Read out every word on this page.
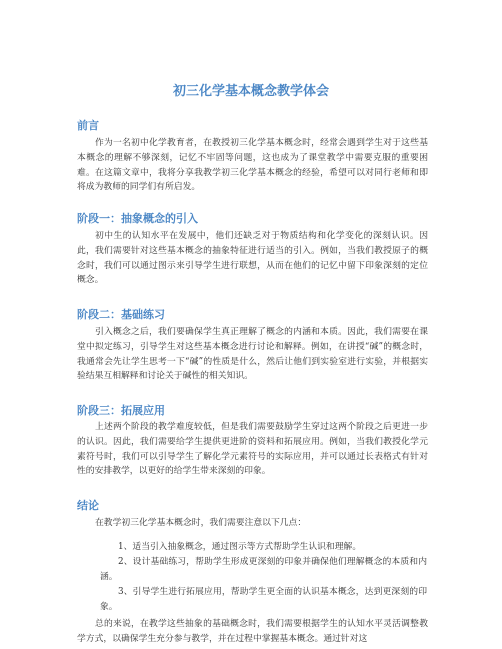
初三化学基本概念教学体会
前言
作为一名初中化学教育者，在教授初三化学基本概念时，经常会遇到学生对于这些基本概念的理解不够深刻，记忆不牢固等问题，这也成为了课堂教学中需要克服的重要困难。在这篇文章中，我将分享我教学初三化学基本概念的经验，希望可以对同行老师和即将成为教师的同学们有所启发。
阶段一：抽象概念的引入
初中生的认知水平在发展中，他们还缺乏对于物质结构和化学变化的深刻认识。因此，我们需要针对这些基本概念的抽象特征进行适当的引入。例如，当我们教授原子的概念时，我们可以通过图示来引导学生进行联想，从而在他们的记忆中留下印象深刻的定位概念。
阶段二：基础练习
引入概念之后，我们要确保学生真正理解了概念的内涵和本质。因此，我们需要在课堂中拟定练习，引导学生对这些基本概念进行讨论和解释。例如，在讲授“碱”的概念时，我通常会先让学生思考一下“碱”的性质是什么，然后让他们到实验室进行实验，并根据实验结果互相解释和讨论关于碱性的相关知识。
阶段三：拓展应用
上述两个阶段的教学难度较低，但是我们需要鼓励学生穿过这两个阶段之后更进一步的认识。因此，我们需要给学生提供更进阶的资料和拓展应用。例如，当我们教授化学元素符号时，我们可以引导学生了解化学元素符号的实际应用，并可以通过长表格式有针对性的安排教学，以更好的给学生带来深刻的印象。
结论
在教学初三化学基本概念时，我们需要注意以下几点：
1、适当引入抽象概念，通过图示等方式帮助学生认识和理解。
2、设计基础练习，帮助学生形成更深刻的印象并确保他们理解概念的本质和内涵。
3、引导学生进行拓展应用，帮助学生更全面的认识基本概念，达到更深刻的印象。
总的来说，在教学这些抽象的基础概念时，我们需要根据学生的认知水平灵活调整教学方式，以确保学生充分参与教学，并在过程中掌握基本概念。通过针对这
